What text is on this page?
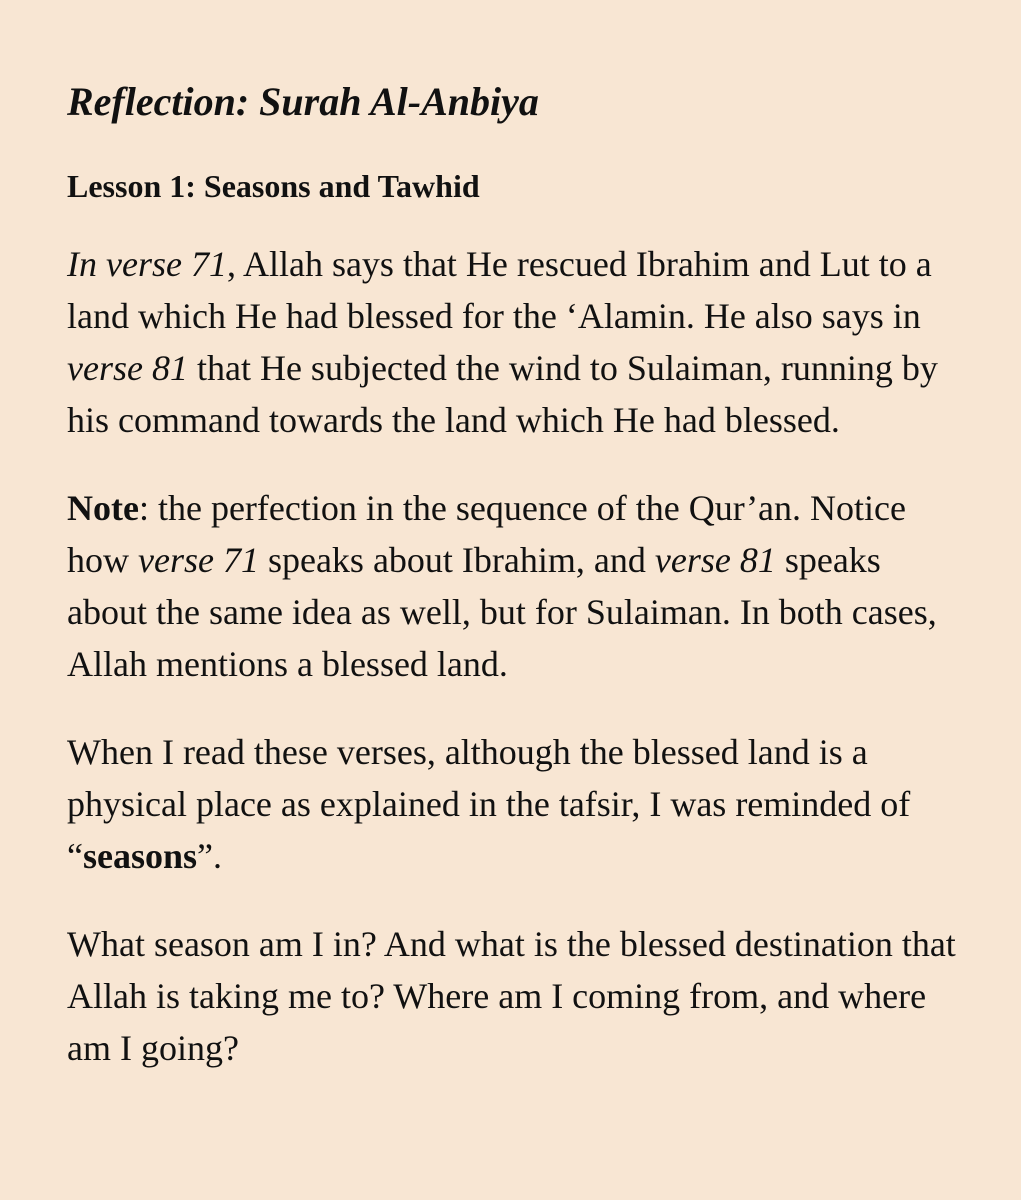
Reflection: Surah Al-Anbiya
Lesson 1: Seasons and Tawhid

In verse 71, Allah says that He rescued Ibrahim and Lut to a land which He had blessed for the ‘Alamin. He also says in verse 81 that He subjected the wind to Sulaiman, running by his command towards the land which He had blessed.

Note: the perfection in the sequence of the Qur’an. Notice how verse 71 speaks about Ibrahim, and verse 81 speaks about the same idea as well, but for Sulaiman. In both cases, Allah mentions a blessed land.

When I read these verses, although the blessed land is a physical place as explained in the tafsir, I was reminded of “seasons”.

What season am I in? And what is the blessed destination that Allah is taking me to? Where am I coming from, and where am I going?
